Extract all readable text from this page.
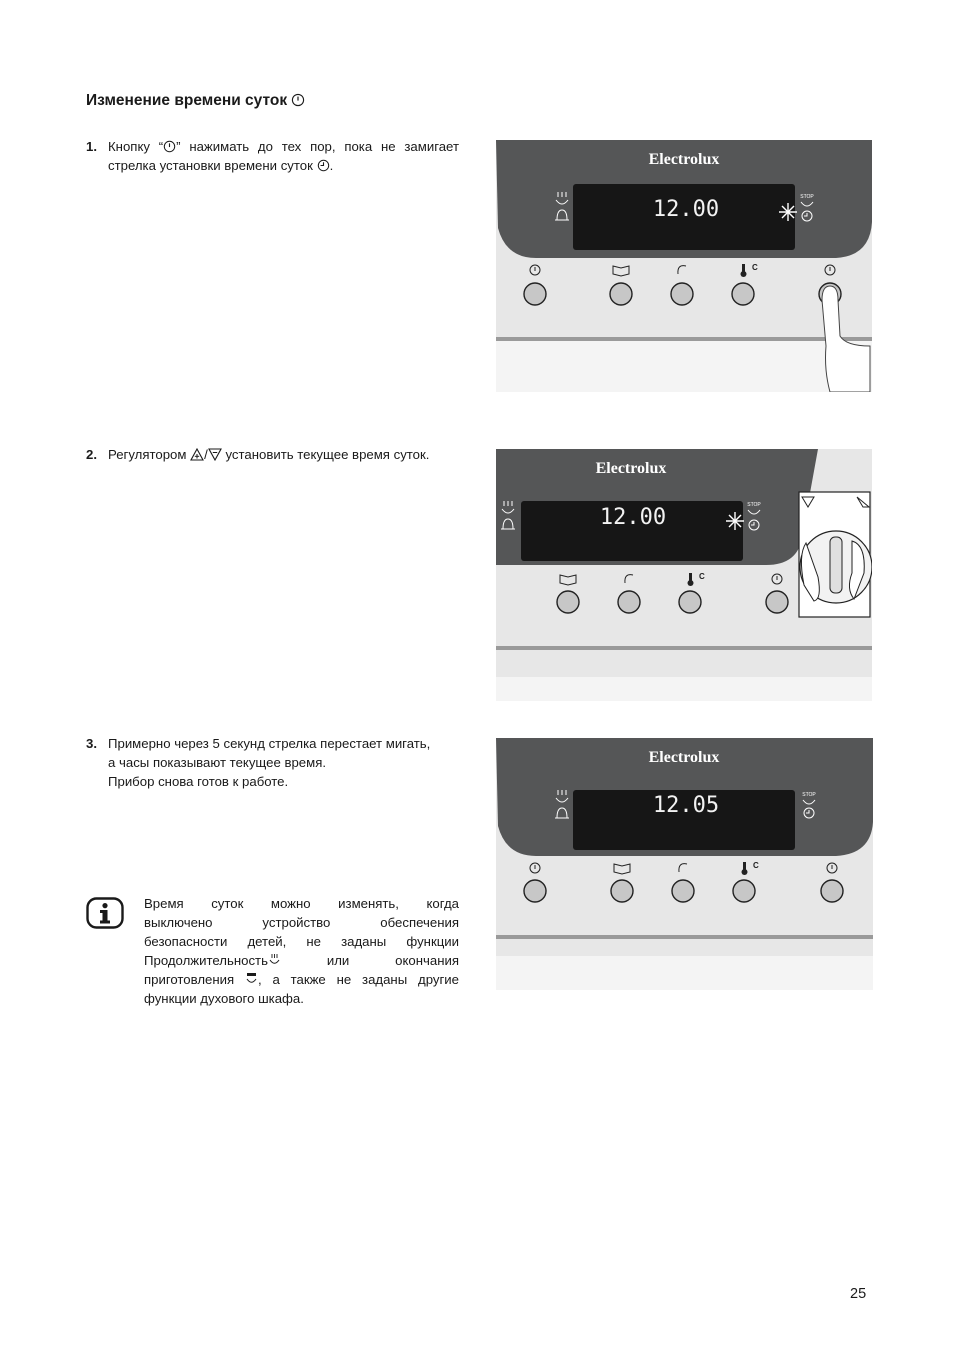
Изменение времени суток
1. Кнопку “ ” нажимать до тех пор, пока не замигает
стрелка установки времени суток .
2. Регулятором / установить текущее время суток.
3. Примерно через 5 секунд стрелка перестает мигать,
а часы показывают текущее время.
Прибор снова готов к работе.
Время суток можно изменять, когда
выключено устройство обеспечения
безопасности детей, не заданы функции
Продолжительность	или окончания
приготовления , а также не заданы другие
функции духового шкафа.
Electrolux
12.00	STOP
C
Electrolux
12.00	STOP
C
Electrolux
12.05	STOP
C
25
